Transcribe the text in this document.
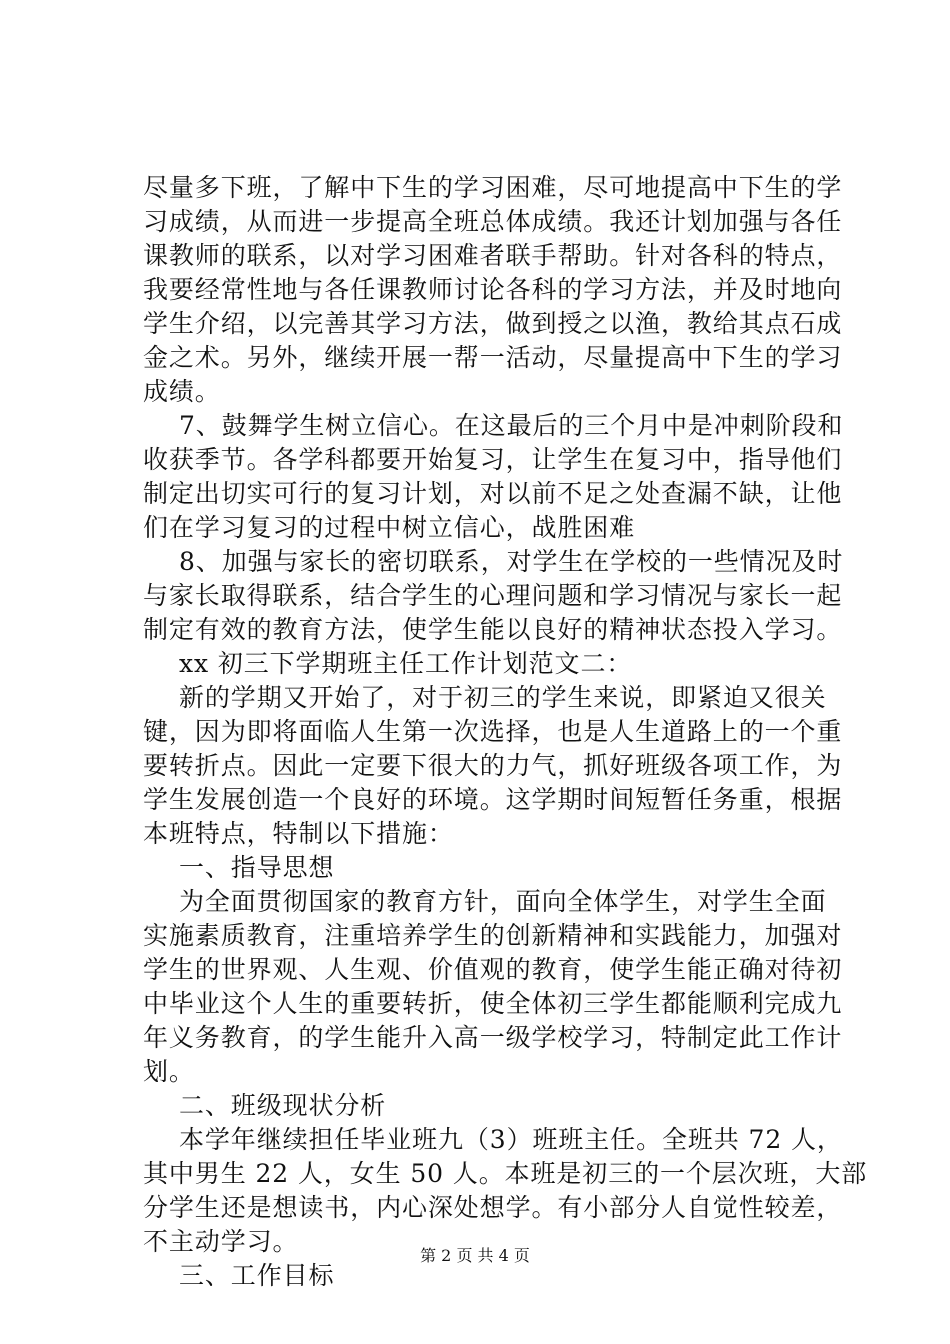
尽量多下班，了解中下生的学习困难，尽可地提高中下生的学
习成绩，从而进一步提高全班总体成绩。我还计划加强与各任
课教师的联系，以对学习困难者联手帮助。针对各科的特点，
我要经常性地与各任课教师讨论各科的学习方法，并及时地向
学生介绍，以完善其学习方法，做到授之以渔，教给其点石成
金之术。另外，继续开展一帮一活动，尽量提高中下生的学习
成绩。
7、鼓舞学生树立信心。在这最后的三个月中是冲刺阶段和
收获季节。各学科都要开始复习，让学生在复习中，指导他们
制定出切实可行的复习计划，对以前不足之处查漏不缺，让他
们在学习复习的过程中树立信心，战胜困难
8、加强与家长的密切联系，对学生在学校的一些情况及时
与家长取得联系，结合学生的心理问题和学习情况与家长一起
制定有效的教育方法，使学生能以良好的精神状态投入学习。
xx 初三下学期班主任工作计划范文二：
新的学期又开始了，对于初三的学生来说，即紧迫又很关
键，因为即将面临人生第一次选择，也是人生道路上的一个重
要转折点。因此一定要下很大的力气，抓好班级各项工作，为
学生发展创造一个良好的环境。这学期时间短暂任务重，根据
本班特点，特制以下措施：
一、指导思想
为全面贯彻国家的教育方针，面向全体学生，对学生全面
实施素质教育，注重培养学生的创新精神和实践能力，加强对
学生的世界观、人生观、价值观的教育，使学生能正确对待初
中毕业这个人生的重要转折，使全体初三学生都能顺利完成九
年义务教育，的学生能升入高一级学校学习，特制定此工作计
划。
二、班级现状分析
本学年继续担任毕业班九（3）班班主任。全班共 72 人，
其中男生 22 人，女生 50 人。本班是初三的一个层次班，大部
分学生还是想读书，内心深处想学。有小部分人自觉性较差，
不主动学习。
三、工作目标
第 2 页 共 4 页
